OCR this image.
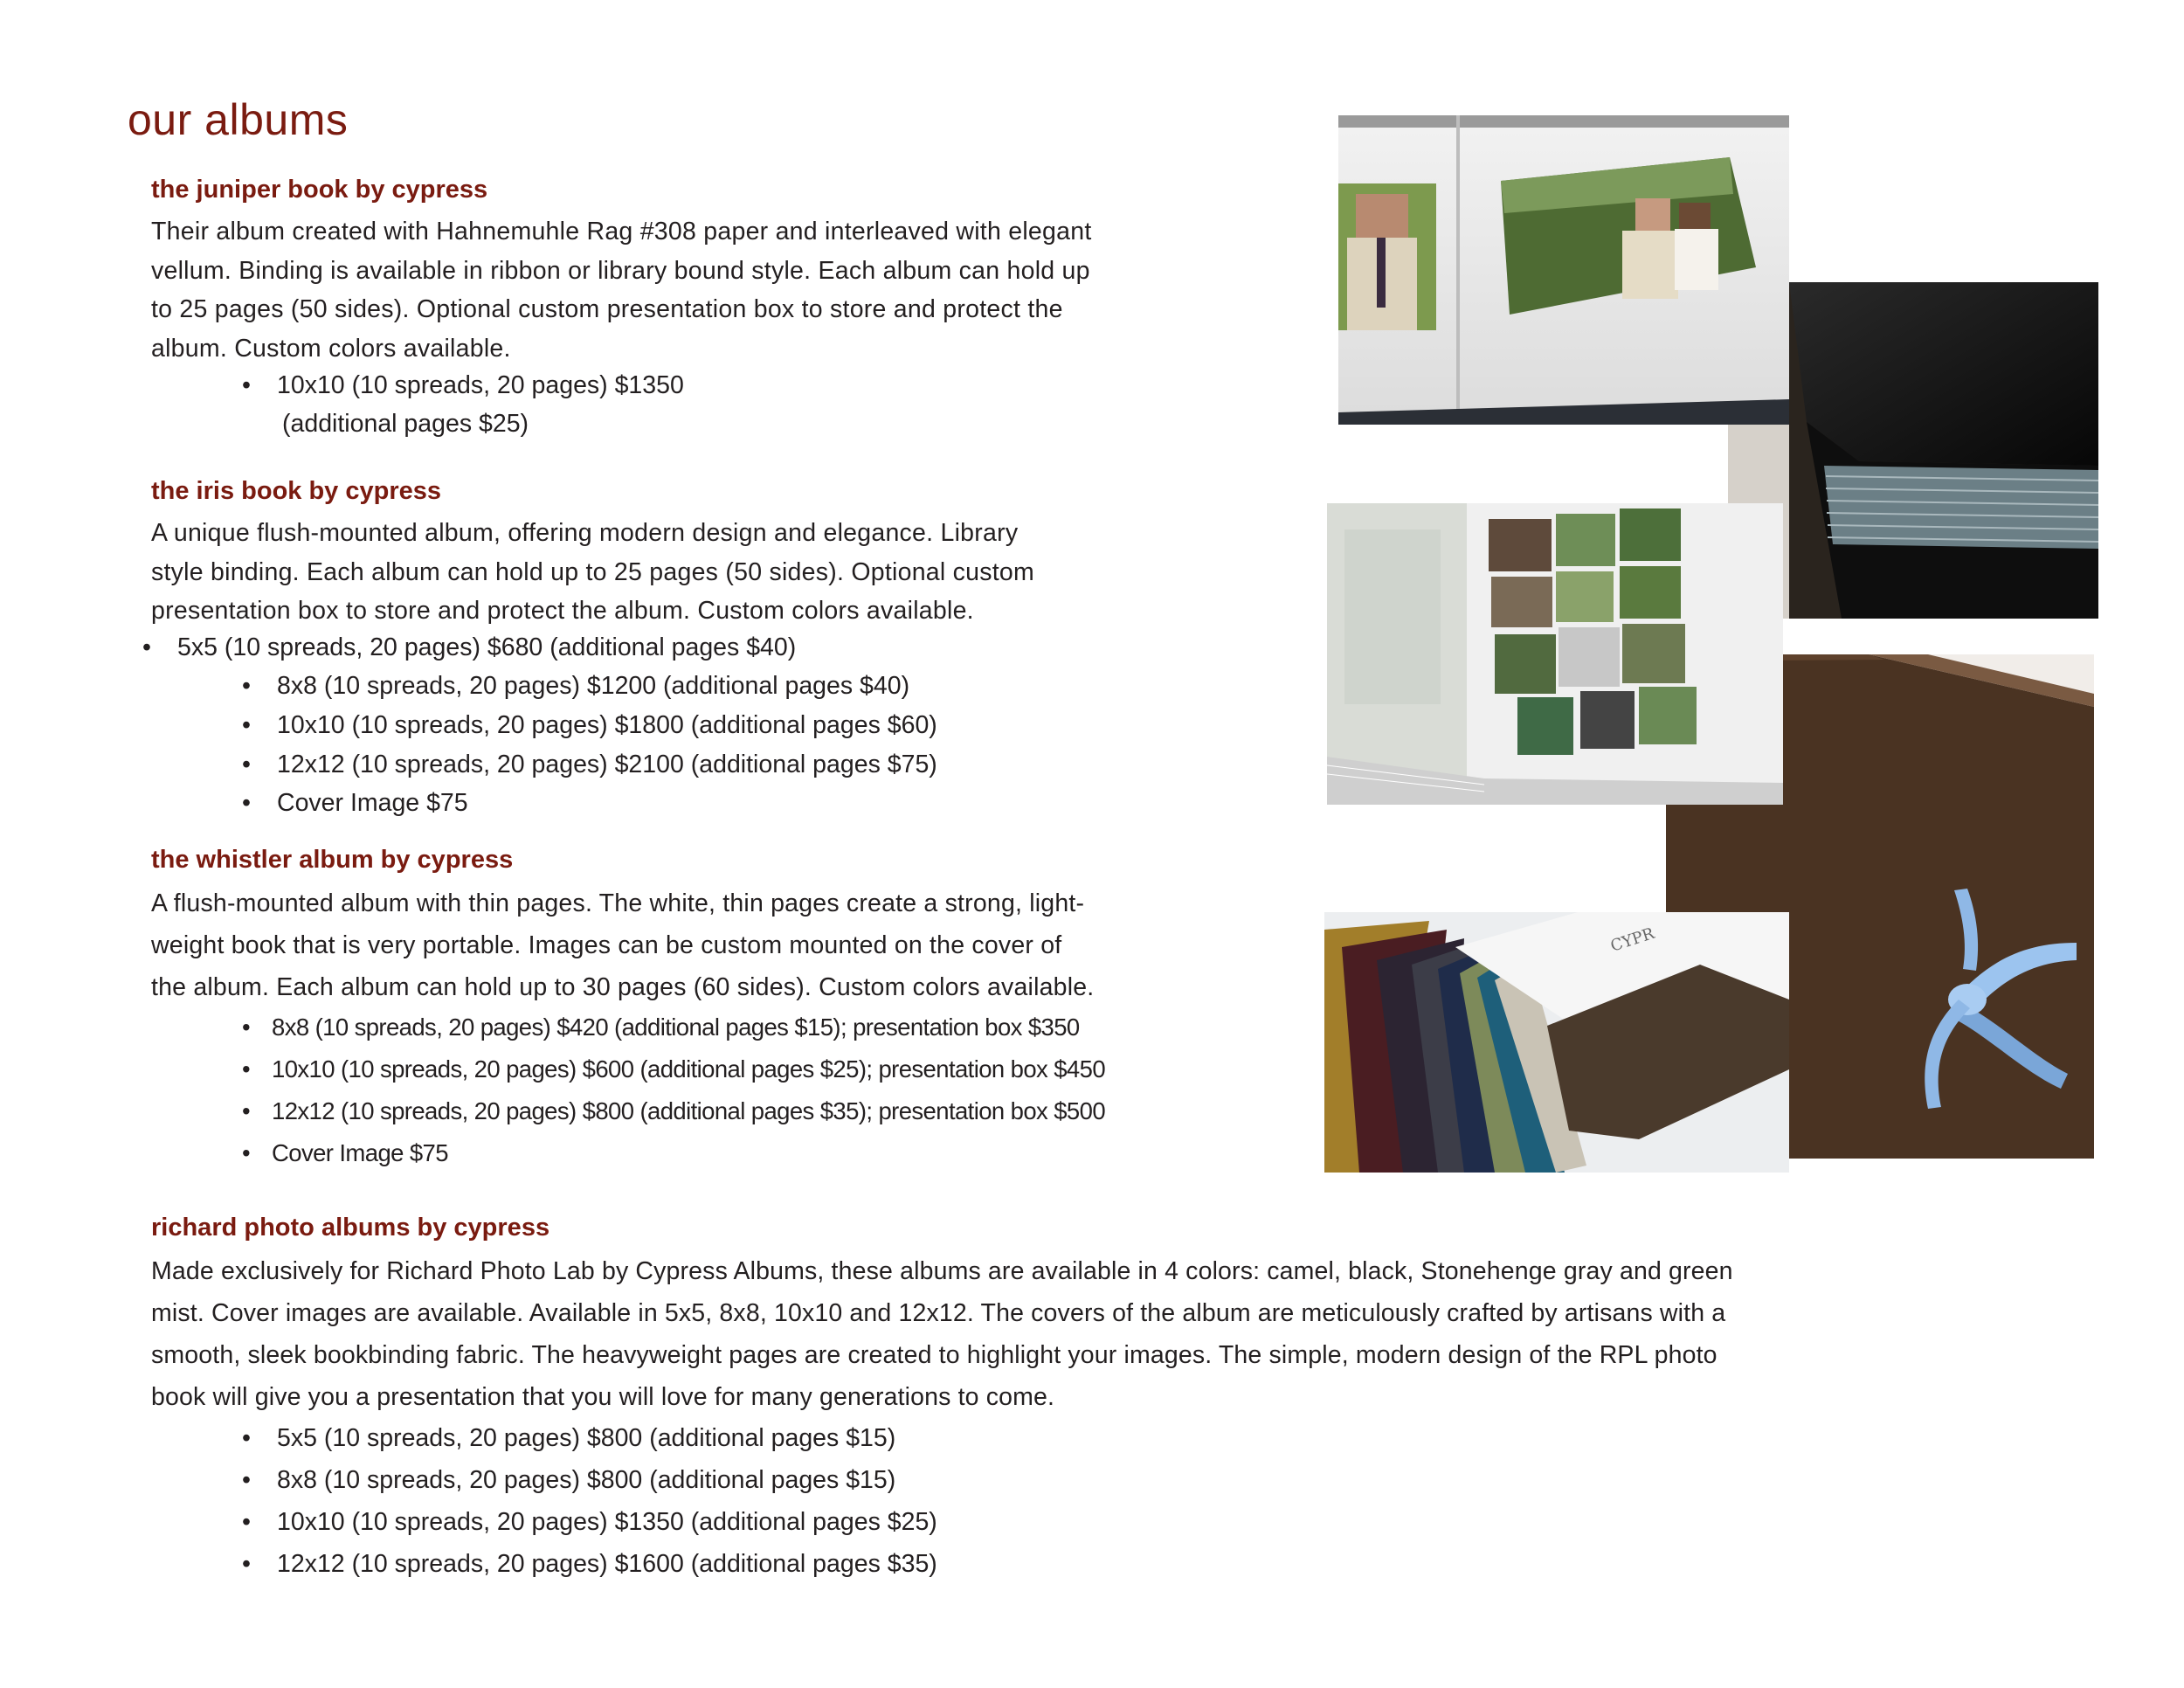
our albums
the juniper book by cypress
Their album created with Hahnemuhle Rag #308 paper and interleaved with elegant
vellum. Binding is available in ribbon or library bound style. Each album can hold up
to 25 pages (50 sides). Optional custom presentation box to store and protect the
album. Custom colors available.
• 10x10 (10 spreads, 20 pages) $1350
(additional pages $25)
the iris book by cypress
A unique flush-mounted album, offering modern design and elegance. Library
style binding. Each album can hold up to 25 pages (50 sides). Optional custom
presentation box to store and protect the album. Custom colors available.
• 5x5 (10 spreads, 20 pages) $680 (additional pages $40)
• 8x8 (10 spreads, 20 pages) $1200 (additional pages $40)
• 10x10 (10 spreads, 20 pages) $1800 (additional pages $60)
• 12x12 (10 spreads, 20 pages) $2100 (additional pages $75)
• Cover Image $75
the whistler album by cypress
A flush-mounted album with thin pages. The white, thin pages create a strong, light-
weight book that is very portable. Images can be custom mounted on the cover of
the album. Each album can hold up to 30 pages (60 sides). Custom colors available.
• 8x8 (10 spreads, 20 pages) $420 (additional pages $15); presentation box $350
• 10x10 (10 spreads, 20 pages) $600 (additional pages $25); presentation box $450
• 12x12 (10 spreads, 20 pages) $800 (additional pages $35); presentation box $500
• Cover Image $75
richard photo albums by cypress
Made exclusively for Richard Photo Lab by Cypress Albums, these albums are available in 4 colors: camel, black, Stonehenge gray and green
mist. Cover images are available. Available in 5x5, 8x8, 10x10 and 12x12. The covers of the album are meticulously crafted by artisans with a
smooth, sleek bookbinding fabric. The heavyweight pages are created to highlight your images. The simple, modern design of the RPL photo
book will give you a presentation that you will love for many generations to come.
• 5x5 (10 spreads, 20 pages) $800 (additional pages $15)
• 8x8 (10 spreads, 20 pages) $800 (additional pages $15)
• 10x10 (10 spreads, 20 pages) $1350 (additional pages $25)
• 12x12 (10 spreads, 20 pages) $1600 (additional pages $35)
CYPR
